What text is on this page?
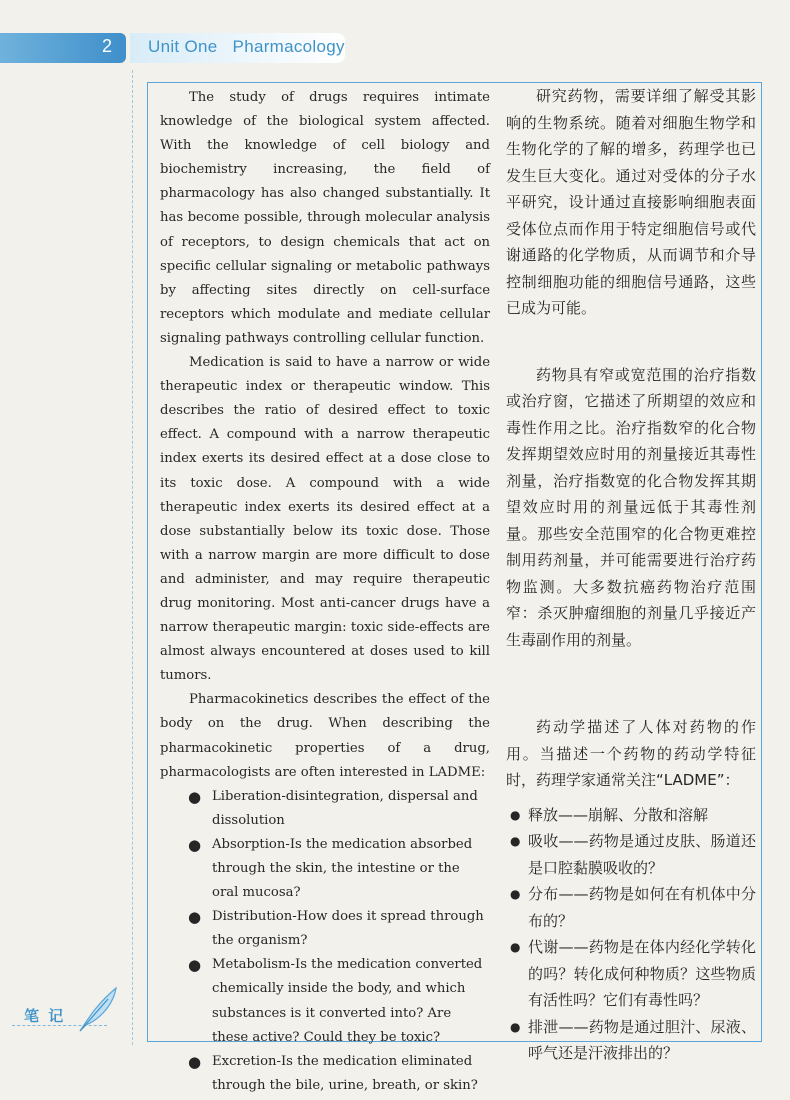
2 Unit One   Pharmacology

The study of drugs requires intimate knowledge of the biological system affected. With the knowledge of cell biology and biochemistry increasing, the field of pharmacology has also changed substantially. It has become possible, through molecular analysis of receptors, to design chemicals that act on specific cellular signaling or metabolic pathways by affecting sites directly on cell-surface receptors which modulate and mediate cellular signaling pathways controlling cellular function.

Medication is said to have a narrow or wide therapeutic index or therapeutic window. This describes the ratio of desired effect to toxic effect. A compound with a narrow therapeutic index exerts its desired effect at a dose close to its toxic dose. A compound with a wide therapeutic index exerts its desired effect at a dose substantially below its toxic dose. Those with a narrow margin are more difficult to dose and administer, and may require therapeutic drug monitoring. Most anti-cancer drugs have a narrow therapeutic margin: toxic side-effects are almost always encountered at doses used to kill tumors.

Pharmacokinetics describes the effect of the body on the drug. When describing the pharmacokinetic properties of a drug, pharmacologists are often interested in LADME:

● Liberation-disintegration, dispersal and dissolution
● Absorption-Is the medication absorbed through the skin, the intestine or the oral mucosa?
● Distribution-How does it spread through the organism?
● Metabolism-Is the medication converted chemically inside the body, and which substances is it converted into? Are these active? Could they be toxic?
● Excretion-Is the medication eliminated through the bile, urine, breath, or skin?

研究药物，需要详细了解受其影响的生物系统。随着对细胞生物学和生物化学的了解的增多，药理学也已发生巨大变化。通过对受体的分子水平研究，设计通过直接影响细胞表面受体位点而作用于特定细胞信号或代谢通路的化学物质，从而调节和介导控制细胞功能的细胞信号通路，这些已成为可能。

药物具有窄或宽范围的治疗指数或治疗窗，它描述了所期望的效应和毒性作用之比。治疗指数窄的化合物发挥期望效应时用的剂量接近其毒性剂量，治疗指数宽的化合物发挥其期望效应时用的剂量远低于其毒性剂量。那些安全范围窄的化合物更难控制用药剂量，并可能需要进行治疗药物监测。大多数抗癌药物治疗范围窄：杀灭肿瘤细胞的剂量几乎接近产生毒副作用的剂量。

药动学描述了人体对药物的作用。当描述一个药物的药动学特征时，药理学家通常关注“LADME”：

● 释放——崩解、分散和溶解
● 吸收——药物是通过皮肤、肠道还是口腔黏膜吸收的？
● 分布——药物是如何在有机体中分布的？
● 代谢——药物是在体内经化学转化的吗？转化成何种物质？这些物质有活性吗？它们有毒性吗？
● 排泄——药物是通过胆汁、尿液、呼气还是汗液排出的？
笔 记
